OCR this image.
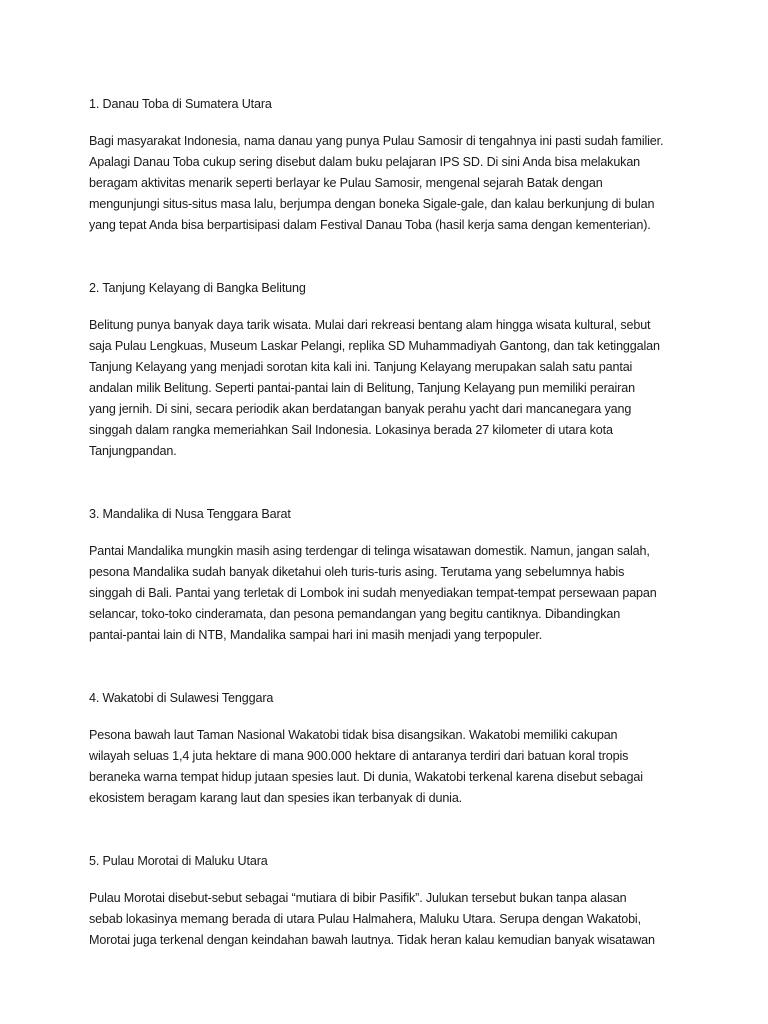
1. Danau Toba di Sumatera Utara
Bagi masyarakat Indonesia, nama danau yang punya Pulau Samosir di tengahnya ini pasti sudah familier.
Apalagi Danau Toba cukup sering disebut dalam buku pelajaran IPS SD. Di sini Anda bisa melakukan
beragam aktivitas menarik seperti berlayar ke Pulau Samosir, mengenal sejarah Batak dengan
mengunjungi situs-situs masa lalu, berjumpa dengan boneka Sigale-gale, dan kalau berkunjung di bulan
yang tepat Anda bisa berpartisipasi dalam Festival Danau Toba (hasil kerja sama dengan kementerian).
2. Tanjung Kelayang di Bangka Belitung
Belitung punya banyak daya tarik wisata. Mulai dari rekreasi bentang alam hingga wisata kultural, sebut
saja Pulau Lengkuas, Museum Laskar Pelangi, replika SD Muhammadiyah Gantong, dan tak ketinggalan
Tanjung Kelayang yang menjadi sorotan kita kali ini. Tanjung Kelayang merupakan salah satu pantai
andalan milik Belitung. Seperti pantai-pantai lain di Belitung, Tanjung Kelayang pun memiliki perairan
yang jernih. Di sini, secara periodik akan berdatangan banyak perahu yacht dari mancanegara yang
singgah dalam rangka memeriahkan Sail Indonesia. Lokasinya berada 27 kilometer di utara kota
Tanjungpandan.
3. Mandalika di Nusa Tenggara Barat
Pantai Mandalika mungkin masih asing terdengar di telinga wisatawan domestik. Namun, jangan salah,
pesona Mandalika sudah banyak diketahui oleh turis-turis asing. Terutama yang sebelumnya habis
singgah di Bali. Pantai yang terletak di Lombok ini sudah menyediakan tempat-tempat persewaan papan
selancar, toko-toko cinderamata, dan pesona pemandangan yang begitu cantiknya. Dibandingkan
pantai-pantai lain di NTB, Mandalika sampai hari ini masih menjadi yang terpopuler.
4. Wakatobi di Sulawesi Tenggara
Pesona bawah laut Taman Nasional Wakatobi tidak bisa disangsikan. Wakatobi memiliki cakupan
wilayah seluas 1,4 juta hektare di mana 900.000 hektare di antaranya terdiri dari batuan koral tropis
beraneka warna tempat hidup jutaan spesies laut. Di dunia, Wakatobi terkenal karena disebut sebagai
ekosistem beragam karang laut dan spesies ikan terbanyak di dunia.
5. Pulau Morotai di Maluku Utara
Pulau Morotai disebut-sebut sebagai “mutiara di bibir Pasifik”. Julukan tersebut bukan tanpa alasan
sebab lokasinya memang berada di utara Pulau Halmahera, Maluku Utara. Serupa dengan Wakatobi,
Morotai juga terkenal dengan keindahan bawah lautnya. Tidak heran kalau kemudian banyak wisatawan
